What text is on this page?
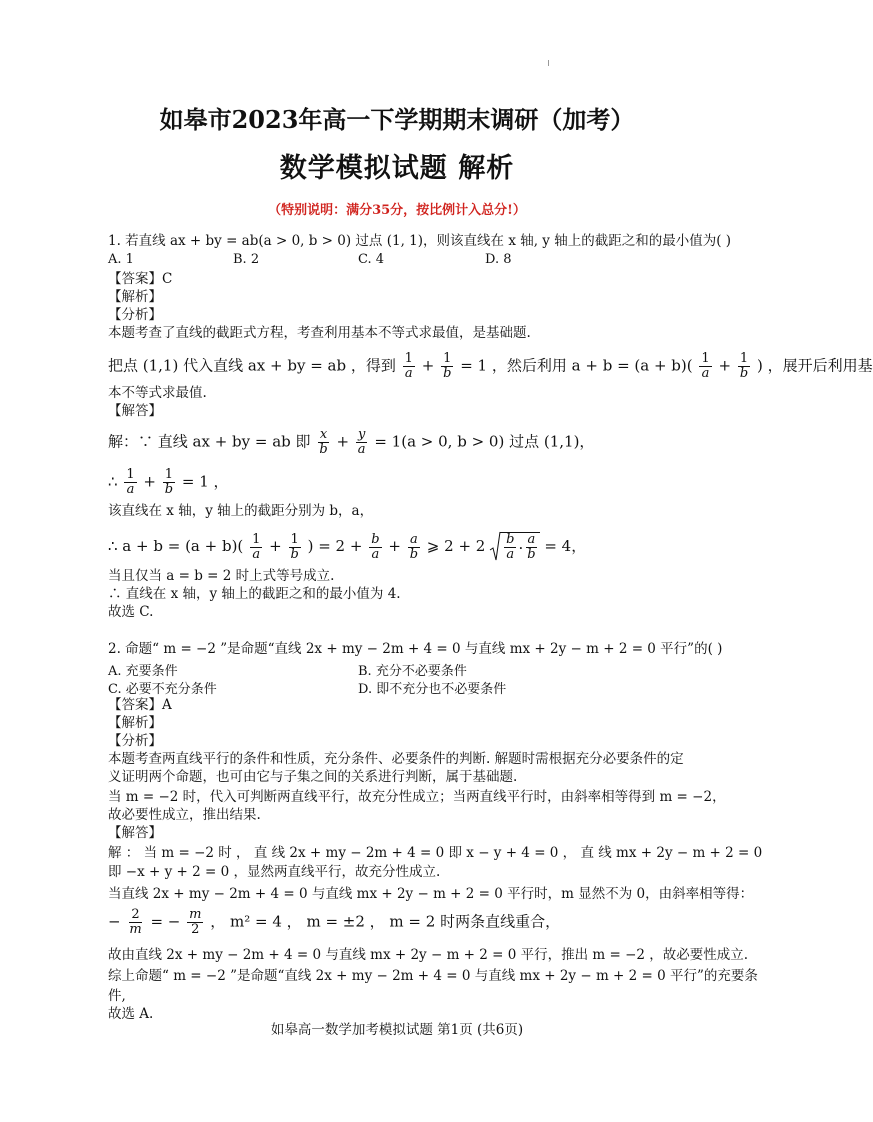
如皋市2023年高一下学期期末调研（加考）
数学模拟试题 解析
（特别说明：满分35分，按比例计入总分!）
1. 若直线 ax + by = ab(a > 0, b > 0) 过点 (1, 1)，则该直线在 x 轴, y 轴上的截距之和的最小值为( )
A. 1	B. 2	C. 4	D. 8
【答案】C
【解析】
【分析】
本题考查了直线的截距式方程，考查利用基本不等式求最值，是基础题.
把点 (1,1) 代入直线 ax + by = ab ，得到 $\frac{1}{a} + \frac{1}{b} = 1$ ，然后利用 $a + b = (a + b)( \frac{1}{a} + \frac{1}{b}$ ) ，展开后利用基
本不等式求最值.
【解答】
解：∵ 直线 ax + by = ab 即 $\frac{x}{b} + \frac{y}{a} = 1(a > 0$, b > 0) 过点 (1,1)，
∴ $\frac{1}{a} + \frac{1}{b} = 1$ ，
该直线在 x 轴，y 轴上的截距分别为 b，a，
∴ $a + b = (a + b)( \frac{1}{a} + \frac{1}{b}$ ) = $2 + \frac{b}{a} + \frac{a}{b}$ ⩾ $2 + 2 \frac{b}{a} \cdot \frac{a}{b} = 4$，
当且仅当 a = b = 2 时上式等号成立.
∴ 直线在 x 轴，y 轴上的截距之和的最小值为 4.
故选 C.
2. 命题“ m = −2 ”是命题“直线 2x + my − 2m + 4 = 0 与直线 mx + 2y − m + 2 = 0 平行”的( )
A. 充要条件	B. 充分不必要条件
C. 必要不充分条件	D. 即不充分也不必要条件
【答案】A
【解析】
【分析】
本题考查两直线平行的条件和性质，充分条件、必要条件的判断. 解题时需根据充分必要条件的定
义证明两个命题，也可由它与子集之间的关系进行判断，属于基础题.
当 m = −2 时，代入可判断两直线平行，故充分性成立；当两直线平行时，由斜率相等得到 m = −2，
故必要性成立，推出结果.
【解答】
解 ： 当 m = −2 时 ， 直 线 2x + my − 2m + 4 = 0 即 x − y + 4 = 0 ， 直 线 mx + 2y − m + 2 = 0
即 −x + y + 2 = 0 ，显然两直线平行，故充分性成立.
当直线 2x + my − 2m + 4 = 0 与直线 mx + 2y − m + 2 = 0 平行时，m 显然不为 0，由斜率相等得：
− $\frac{2}{m}$ = − $\frac{m}{2}$ ， m² = 4 ， m = ±2 ， m = 2 时两条直线重合，
故由直线 2x + my − 2m + 4 = 0 与直线 mx + 2y − m + 2 = 0 平行，推出 m = −2 ，故必要性成立.
综上命题“ m = −2 ”是命题“直线 2x + my − 2m + 4 = 0 与直线 mx + 2y − m + 2 = 0 平行”的充要条
件,
故选 A.
如皋高一数学加考模拟试题 第1页 (共6页)
